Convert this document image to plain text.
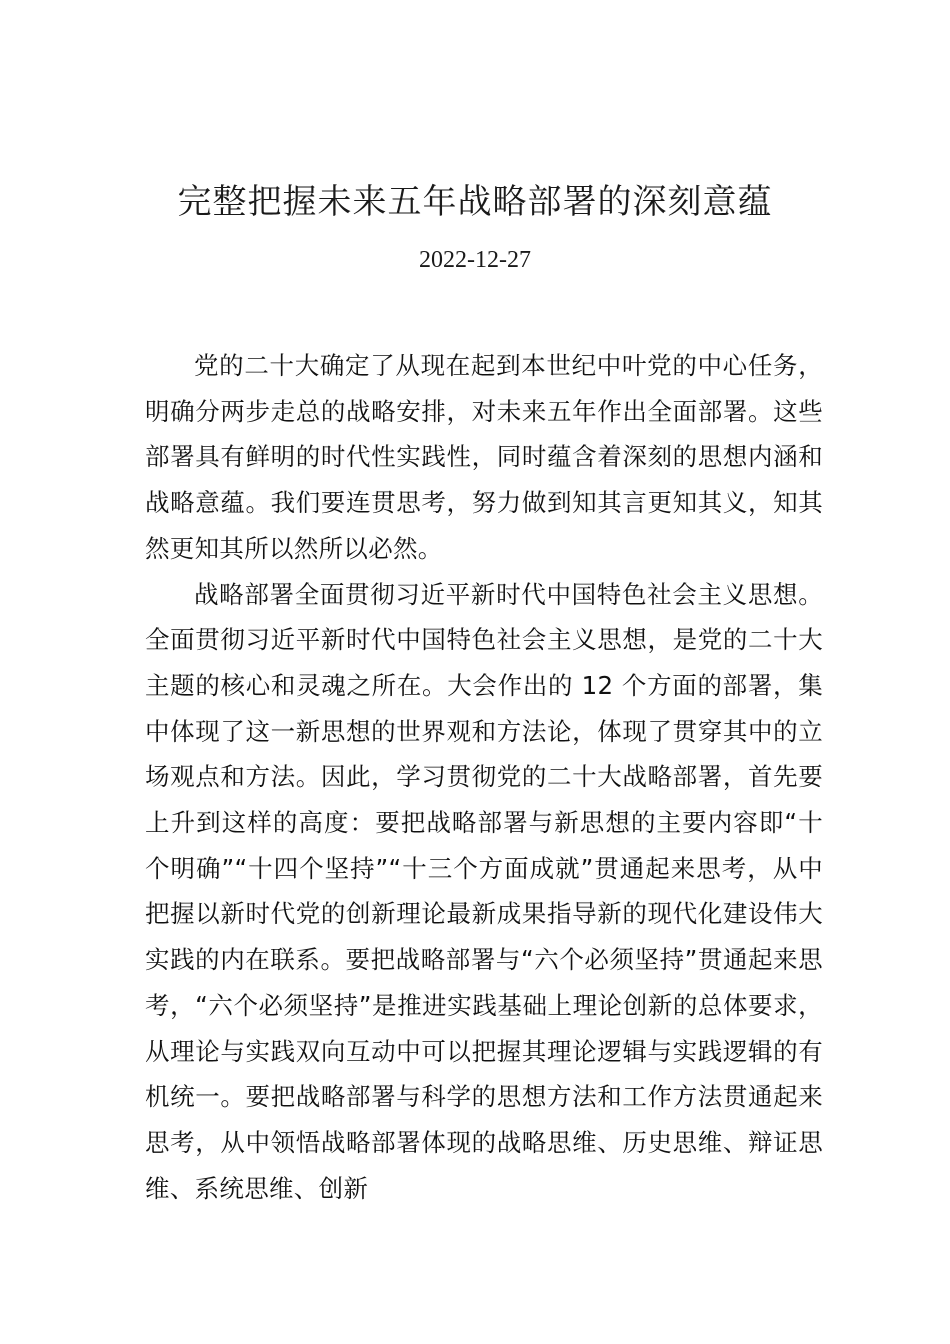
完整把握未来五年战略部署的深刻意蕴
2022-12-27

党的二十大确定了从现在起到本世纪中叶党的中心任务，明确分两步走总的战略安排，对未来五年作出全面部署。这些部署具有鲜明的时代性实践性，同时蕴含着深刻的思想内涵和战略意蕴。我们要连贯思考，努力做到知其言更知其义，知其然更知其所以然所以必然。

战略部署全面贯彻习近平新时代中国特色社会主义思想。全面贯彻习近平新时代中国特色社会主义思想，是党的二十大主题的核心和灵魂之所在。大会作出的 12 个方面的部署，集中体现了这一新思想的世界观和方法论，体现了贯穿其中的立场观点和方法。因此，学习贯彻党的二十大战略部署，首先要上升到这样的高度：要把战略部署与新思想的主要内容即“十个明确”“十四个坚持”“十三个方面成就”贯通起来思考，从中把握以新时代党的创新理论最新成果指导新的现代化建设伟大实践的内在联系。要把战略部署与“六个必须坚持”贯通起来思考，“六个必须坚持”是推进实践基础上理论创新的总体要求，从理论与实践双向互动中可以把握其理论逻辑与实践逻辑的有机统一。要把战略部署与科学的思想方法和工作方法贯通起来思考，从中领悟战略部署体现的战略思维、历史思维、辩证思维、系统思维、创新
